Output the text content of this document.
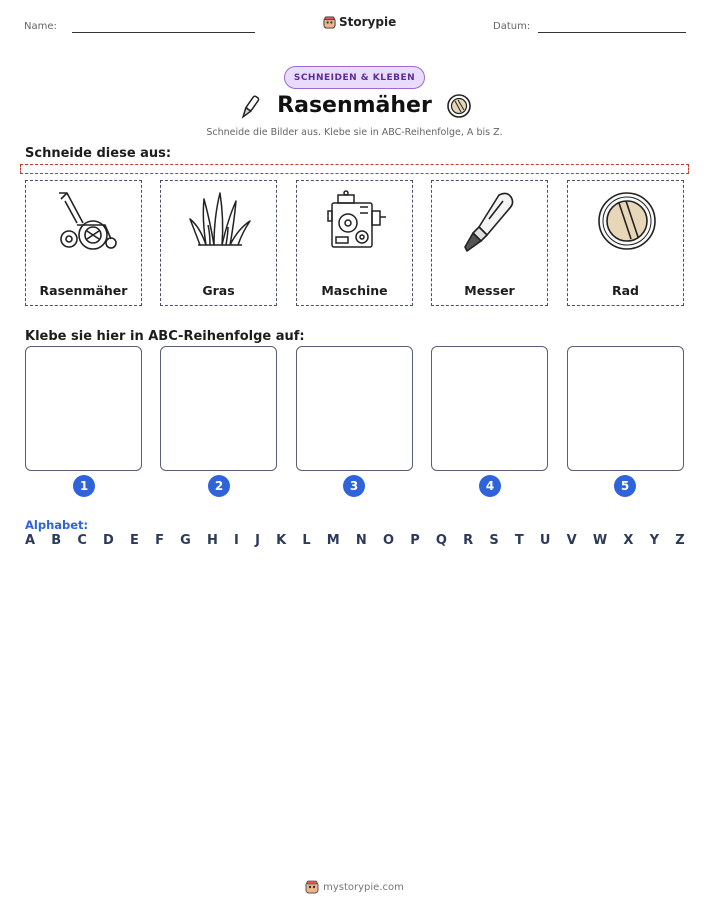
Name:	Storypie	Datum:
SCHNEIDEN & KLEBEN
Rasenmäher
Schneide die Bilder aus. Klebe sie in ABC-Reihenfolge, A bis Z.
Schneide diese aus:
Rasenmäher	Gras	Maschine	Messer	Rad
Klebe sie hier in ABC-Reihenfolge auf:
1	2	3	4	5
Alphabet:
A B C D E F G H I J K L M N O P Q R S T U V W X Y Z
mystorypie.com
